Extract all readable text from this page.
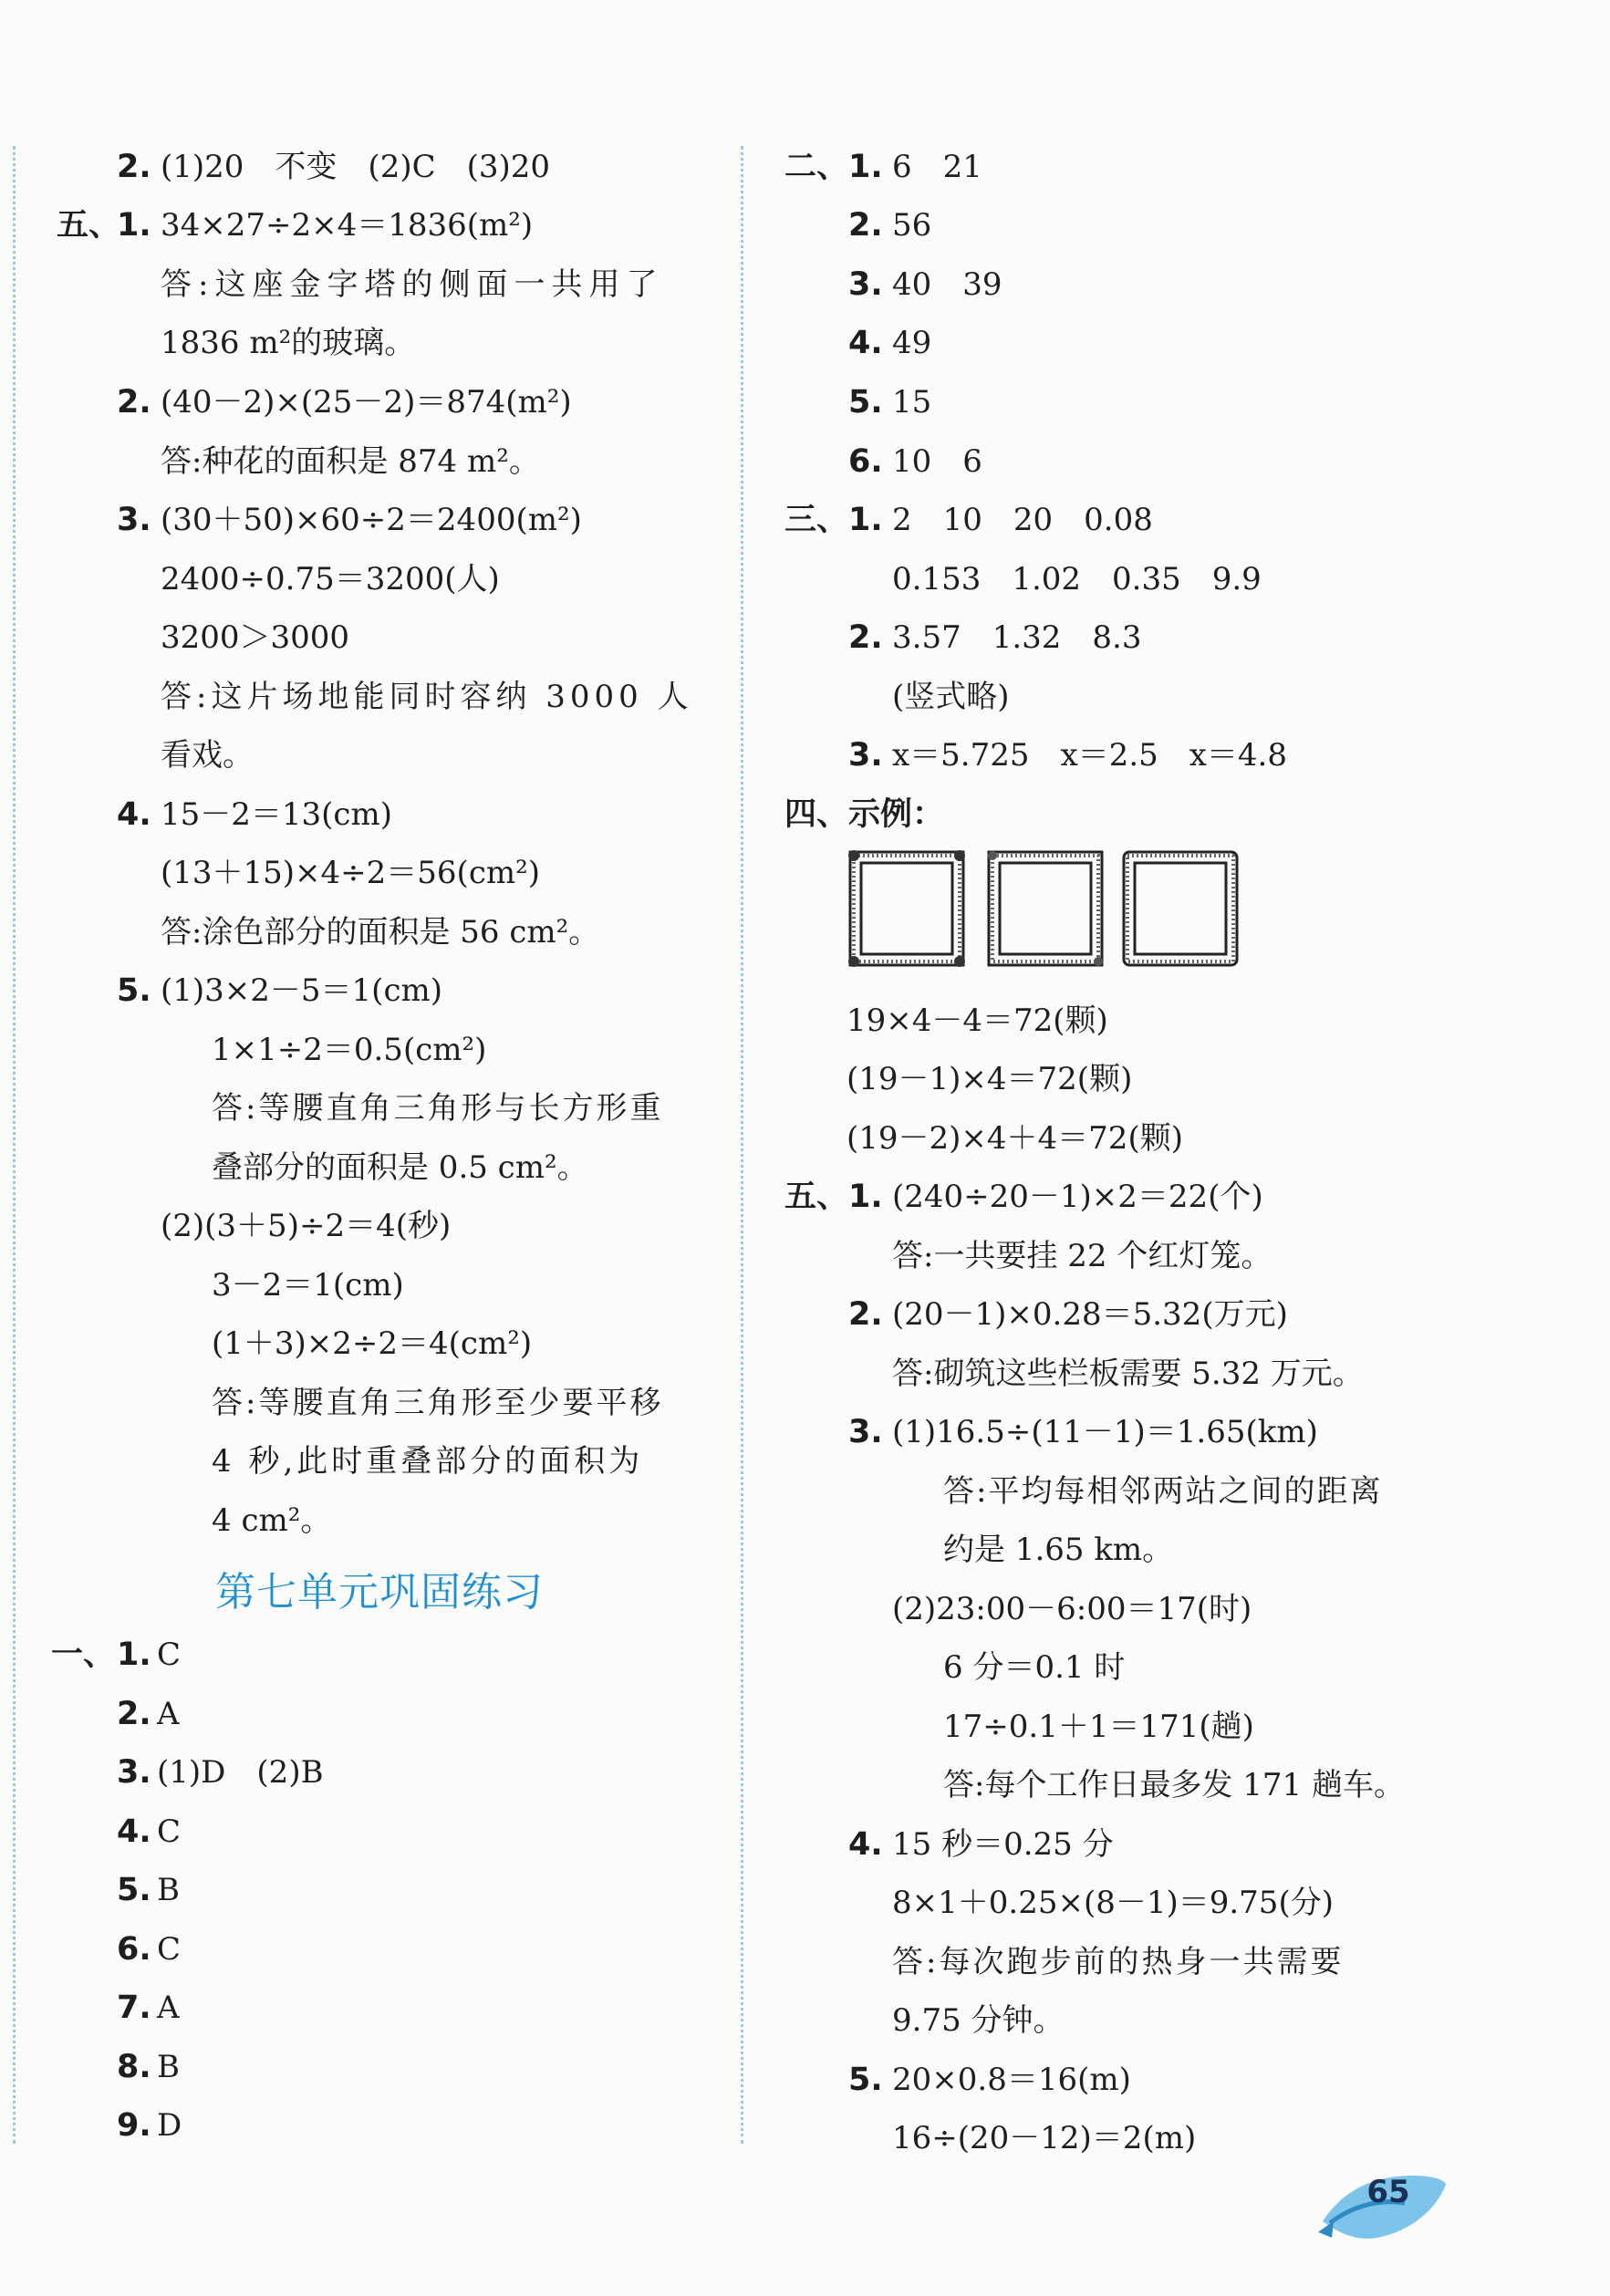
五、
一、
2. (1)20　不变　(2)C　(3)20
1. 34×27÷2×4＝1836(m²)
答:这座金字塔的侧面一共用了
1836 m²的玻璃。
2. (40－2)×(25－2)＝874(m²)
答:种花的面积是 874 m²。
3. (30＋50)×60÷2＝2400(m²)
2400÷0.75＝3200(人)
3200＞3000
答:这片场地能同时容纳 3000 人
看戏。
4. 15－2＝13(cm)
(13＋15)×4÷2＝56(cm²)
答:涂色部分的面积是 56 cm²。
5. (1)3×2－5＝1(cm)
1×1÷2＝0.5(cm²)
答:等腰直角三角形与长方形重
叠部分的面积是 0.5 cm²。
(2)(3＋5)÷2＝4(秒)
3－2＝1(cm)
(1＋3)×2÷2＝4(cm²)
答:等腰直角三角形至少要平移
4 秒,此时重叠部分的面积为
4 cm²。
第七单元巩固练习
1. C
2. A
3. (1)D　(2)B
4. C
5. B
6. C
7. A
8. B
9. D
二、
三、
四、示例：
五、
1. 6　21
2. 56
3. 40　39
4. 49
5. 15
6. 10　6
1. 2　10　20　0.08
0.153　1.02　0.35　9.9
2. 3.57　1.32　8.3
(竖式略)
3. x＝5.725　x＝2.5　x＝4.8
19×4－4＝72(颗)
(19－1)×4＝72(颗)
(19－2)×4＋4＝72(颗)
1. (240÷20－1)×2＝22(个)
答:一共要挂 22 个红灯笼。
2. (20－1)×0.28＝5.32(万元)
答:砌筑这些栏板需要 5.32 万元。
3. (1)16.5÷(11－1)＝1.65(km)
答:平均每相邻两站之间的距离
约是 1.65 km。
(2)23:00－6:00＝17(时)
6 分＝0.1 时
17÷0.1＋1＝171(趟)
答:每个工作日最多发 171 趟车。
4. 15 秒＝0.25 分
8×1＋0.25×(8－1)＝9.75(分)
答:每次跑步前的热身一共需要
9.75 分钟。
5. 20×0.8＝16(m)
16÷(20－12)＝2(m)
65
